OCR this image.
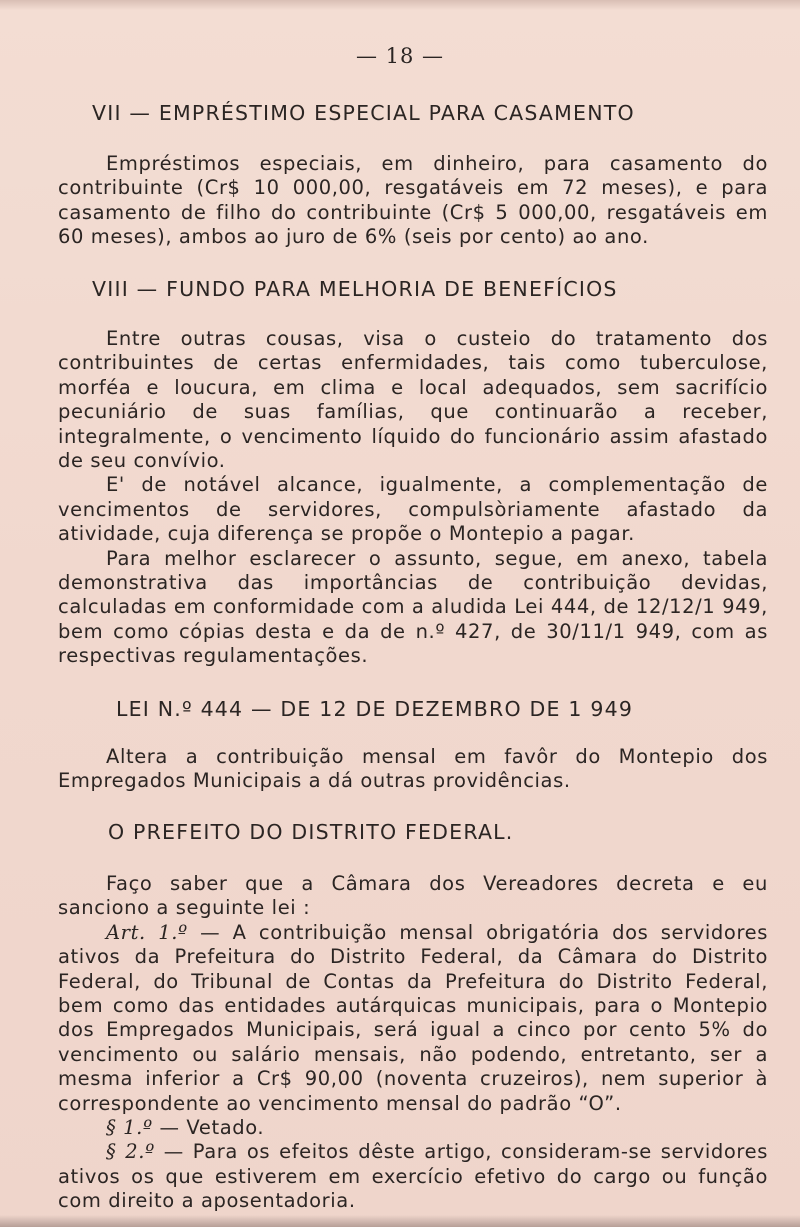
— 18 —
VII — EMPRÉSTIMO ESPECIAL PARA CASAMENTO

Empréstimos especiais, em dinheiro, para casamento do contribuinte (Cr$ 10 000,00, resgatáveis em 72 meses), e para casamento de filho do contribuinte (Cr$ 5 000,00, resgatáveis em 60 meses), ambos ao juro de 6% (seis por cento) ao ano.

VIII — FUNDO PARA MELHORIA DE BENEFÍCIOS

Entre outras cousas, visa o custeio do tratamento dos contribuintes de certas enfermidades, tais como tuberculose, morféa e loucura, em clima e local adequados, sem sacrifício pecuniário de suas famílias, que continuarão a receber, integralmente, o vencimento líquido do funcionário assim afastado de seu convívio.

E' de notável alcance, igualmente, a complementação de vencimentos de servidores, compulsòriamente afastado da atividade, cuja diferença se propõe o Montepio a pagar.

Para melhor esclarecer o assunto, segue, em anexo, tabela demonstrativa das importâncias de contribuição devidas, calculadas em conformidade com a aludida Lei 444, de 12/12/1 949, bem como cópias desta e da de n.º 427, de 30/11/1 949, com as respectivas regulamentações.

LEI N.º 444 — DE 12 DE DEZEMBRO DE 1 949

Altera a contribuição mensal em favôr do Montepio dos Empregados Municipais a dá outras providências.

O PREFEITO DO DISTRITO FEDERAL.

Faço saber que a Câmara dos Vereadores decreta e eu sanciono a seguinte lei :

Art. 1.º — A contribuição mensal obrigatória dos servidores ativos da Prefeitura do Distrito Federal, da Câmara do Distrito Federal, do Tribunal de Contas da Prefeitura do Distrito Federal, bem como das entidades autárquicas municipais, para o Montepio dos Empregados Municipais, será igual a cinco por cento 5% do vencimento ou salário mensais, não podendo, entretanto, ser a mesma inferior a Cr$ 90,00 (noventa cruzeiros), nem superior à correspondente ao vencimento mensal do padrão “O”.

§ 1.º — Vetado.

§ 2.º — Para os efeitos dêste artigo, consideram-se servidores ativos os que estiverem em exercício efetivo do cargo ou função com direito a aposentadoria.
